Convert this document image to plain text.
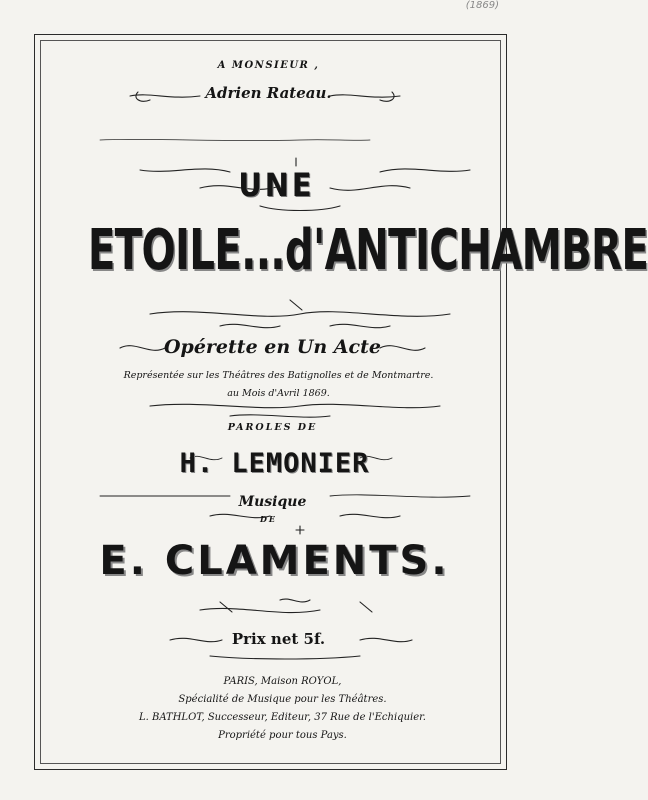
(1869)
A MONSIEUR ,
Adrien Rateau.
UNE
ETOILE...d'ANTICHAMBRE
Opérette en Un Acte
Représentée sur les Théâtres des Batignolles et de Montmartre.
au Mois d'Avril 1869.
PAROLES DE
H. LEMONIER
Musique
DE
E. CLAMENTS.
Prix net 5f.
PARIS, Maison ROYOL,
Spécialité de Musique pour les Théâtres.
L. BATHLOT, Successeur, Editeur, 37 Rue de l'Echiquier.
Propriété pour tous Pays.
